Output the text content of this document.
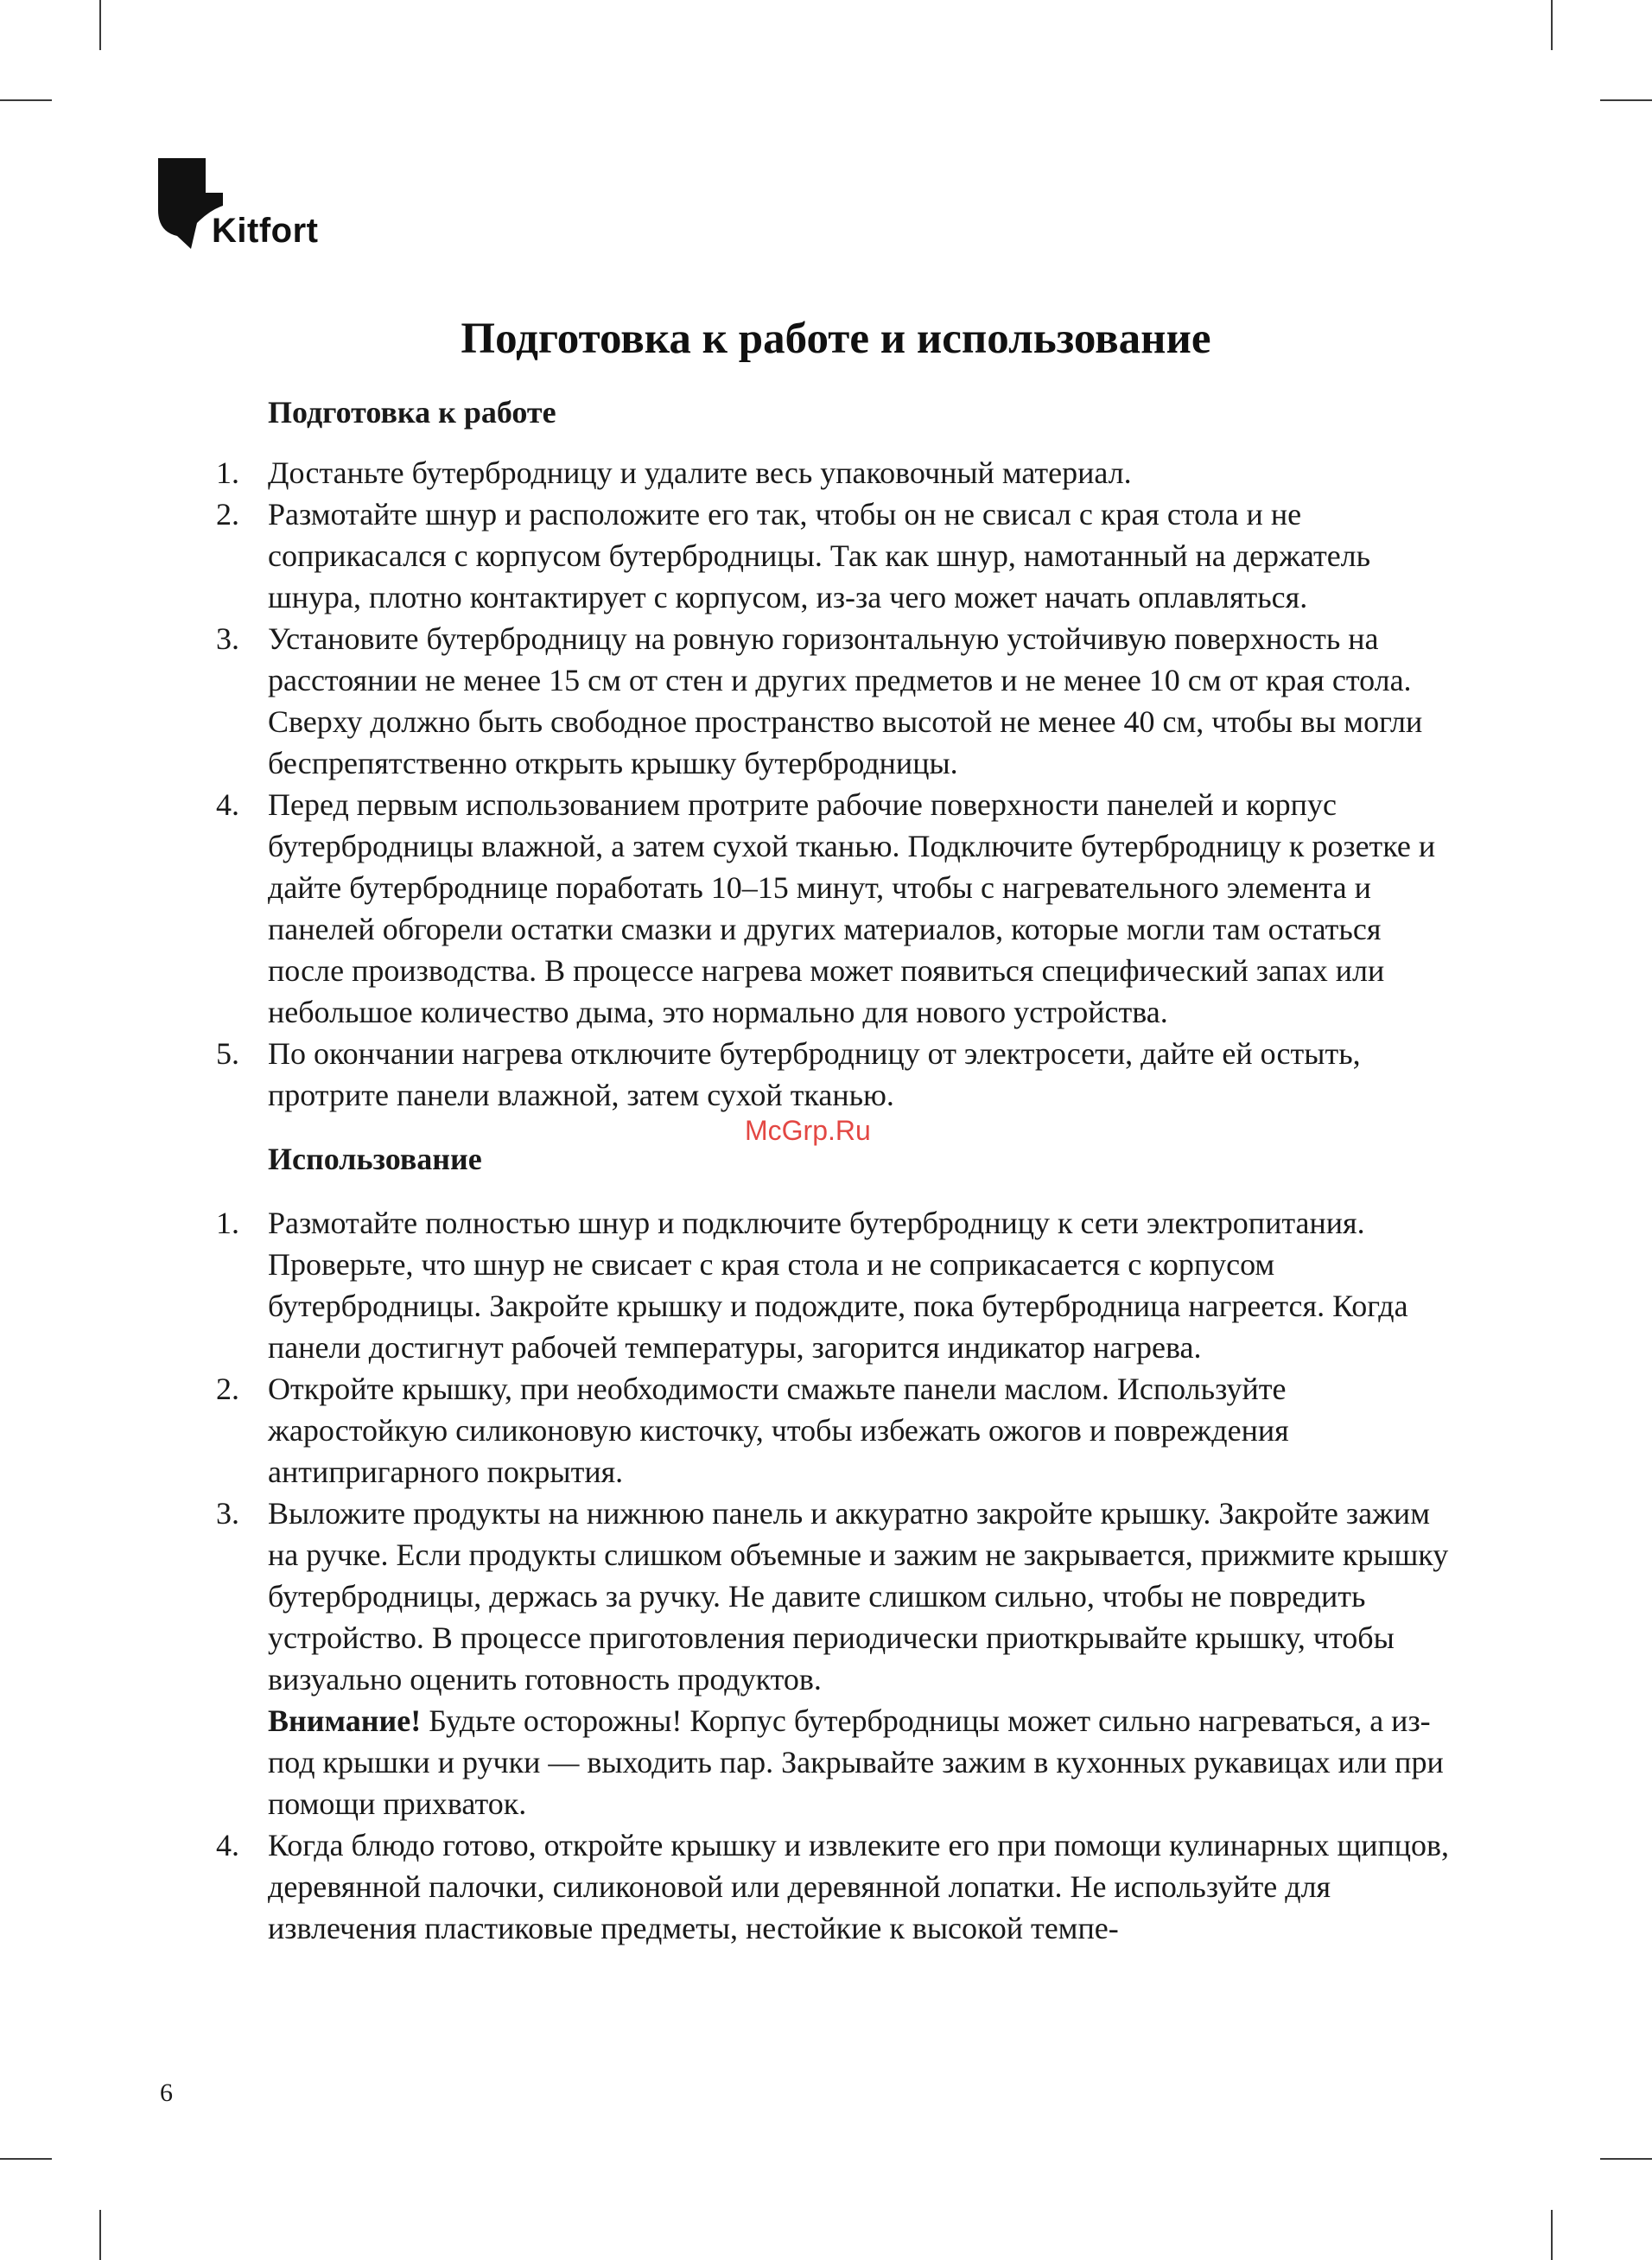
Kitfort
Подготовка к работе и использование
Подготовка к работе
1. Достаньте бутербродницу и удалите весь упаковочный материал.

2. Размотайте шнур и расположите его так, чтобы он не свисал с края стола и не соприкасался с корпусом бутербродницы. Так как шнур, намотанный на держатель шнура, плотно контактирует с корпусом, из-за чего может начать оплавляться.

3. Установите бутербродницу на ровную горизонтальную устойчивую поверхность на расстоянии не менее 15 см от стен и других предметов и не менее 10 см от края стола. Сверху должно быть свободное пространство высотой не менее 40 см, чтобы вы могли беспрепятственно открыть крышку бутербродницы.

4. Перед первым использованием протрите рабочие поверхности панелей и корпус бутербродницы влажной, а затем сухой тканью. Подключите бутербродницу к розетке и дайте бутерброднице поработать 10–15 минут, чтобы с нагревательного элемента и панелей обгорели остатки смазки и других материалов, которые могли там остаться после производства. В процессе нагрева может появиться специфический запах или небольшое количество дыма, это нормально для нового устройства.

5. По окончании нагрева отключите бутербродницу от электросети, дайте ей остыть, протрите панели влажной, затем сухой тканью.

Использование
1. Размотайте полностью шнур и подключите бутербродницу к сети электропитания. Проверьте, что шнур не свисает с края стола и не соприкасается с корпусом бутербродницы. Закройте крышку и подождите, пока бутербродница нагреется. Когда панели достигнут рабочей температуры, загорится индикатор нагрева.

2. Откройте крышку, при необходимости смажьте панели маслом. Используйте жаростойкую силиконовую кисточку, чтобы избежать ожогов и повреждения антипригарного покрытия.

3. Выложите продукты на нижнюю панель и аккуратно закройте крышку. Закройте зажим на ручке. Если продукты слишком объемные и зажим не закрывается, прижмите крышку бутербродницы, держась за ручку. Не давите слишком сильно, чтобы не повредить устройство. В процессе приготовления периодически приоткрывайте крышку, чтобы визуально оценить готовность продуктов.

Внимание! Будьте осторожны! Корпус бутербродницы может сильно нагреваться, а из-под крышки и ручки — выходить пар. Закрывайте зажим в кухонных рукавицах или при помощи прихваток.

4. Когда блюдо готово, откройте крышку и извлеките его при помощи кулинарных щипцов, деревянной палочки, силиконовой или деревянной лопатки. Не используйте для извлечения пластиковые предметы, нестойкие к высокой темпе-

McGrp.Ru
6
